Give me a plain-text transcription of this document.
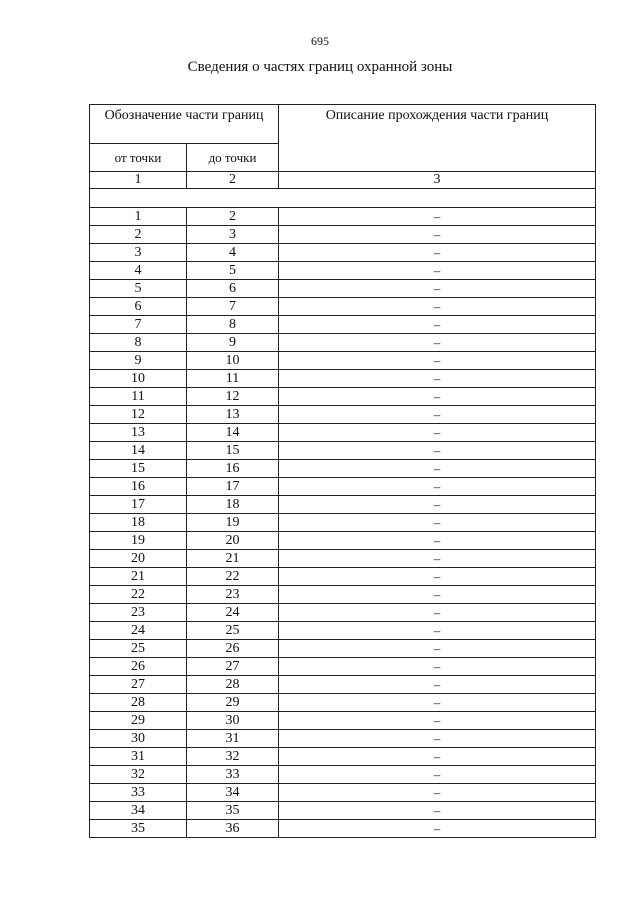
695
Сведения о частях границ охранной зоны
Обозначение части границ		Описание прохождения части границ
от точки	до точки	
1	2	3

1	2	–
2	3	–
3	4	–
4	5	–
5	6	–
6	7	–
7	8	–
8	9	–
9	10	–
10	11	–
11	12	–
12	13	–
13	14	–
14	15	–
15	16	–
16	17	–
17	18	–
18	19	–
19	20	–
20	21	–
21	22	–
22	23	–
23	24	–
24	25	–
25	26	–
26	27	–
27	28	–
28	29	–
29	30	–
30	31	–
31	32	–
32	33	–
33	34	–
34	35	–
35	36	–
